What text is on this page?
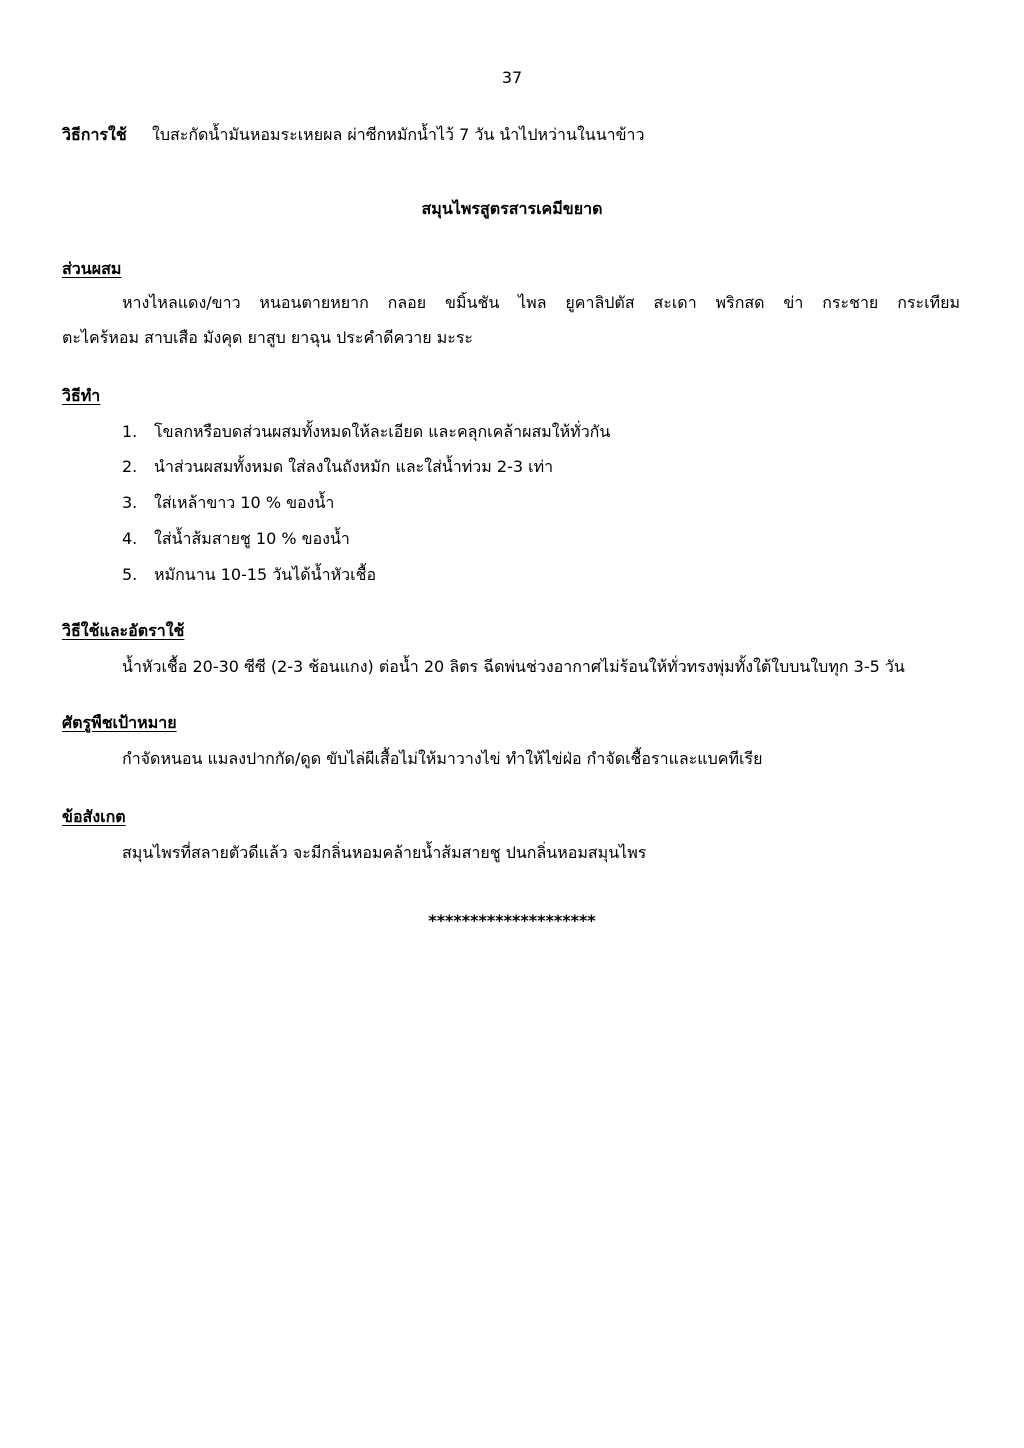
37
วิธีการใช้ ใบสะกัดน้ำมันหอมระเหยผล ผ่าซีกหมักน้ำไว้ 7 วัน นำไปหว่านในนาข้าว
สมุนไพรสูตรสารเคมีขยาด
ส่วนผสม
หางไหลแดง/ขาว หนอนตายหยาก กลอย ขมิ้นชัน ไพล ยูคาลิปตัส สะเดา พริกสด ข่า กระชาย กระเทียม
ตะไคร้หอม สาบเสือ มังคุด ยาสูบ ยาฉุน ประคำดีควาย มะระ
วิธีทำ
1. โขลกหรือบดส่วนผสมทั้งหมดให้ละเอียด และคลุกเคล้าผสมให้ทั่วกัน
2. นำส่วนผสมทั้งหมด ใส่ลงในถังหมัก และใส่น้ำท่วม 2-3 เท่า
3. ใส่เหล้าขาว 10 % ของน้ำ
4. ใส่น้ำส้มสายชู 10 % ของน้ำ
5. หมักนาน 10-15 วันได้น้ำหัวเชื้อ
วิธีใช้และอัตราใช้
น้ำหัวเชื้อ 20-30 ซีซี (2-3 ช้อนแกง) ต่อน้ำ 20 ลิตร ฉีดพ่นช่วงอากาศไม่ร้อนให้ทั่วทรงพุ่มทั้งใต้ใบบนใบทุก 3-5 วัน
ศัตรูพืชเป้าหมาย
กำจัดหนอน แมลงปากกัด/ดูด ขับไล่ผีเสื้อไม่ให้มาวางไข่ ทำให้ไข่ฝ่อ กำจัดเชื้อราและแบคทีเรีย
ข้อสังเกต
สมุนไพรที่สลายตัวดีแล้ว จะมีกลิ่นหอมคล้ายน้ำส้มสายชู ปนกลิ่นหอมสมุนไพร
********************
